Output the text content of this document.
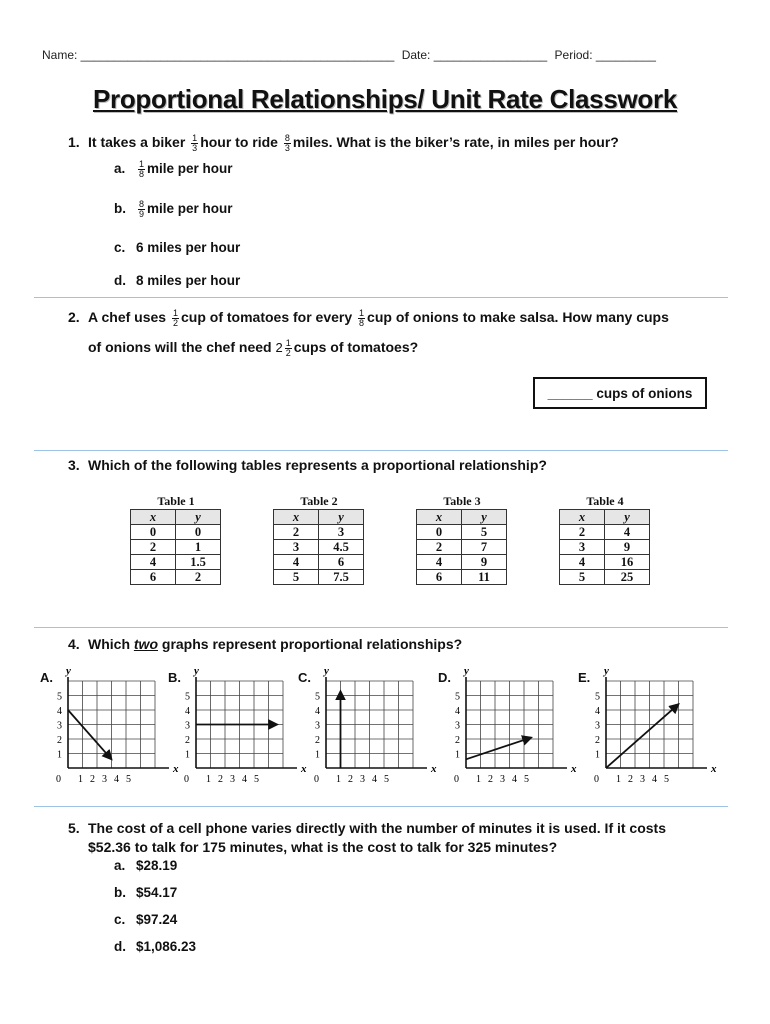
Name: _______________________________________________ Date: _________________ Period: _________
Proportional Relationships/ Unit Rate Classwork
1. It takes a biker $\frac{1}{3}$ hour to ride $\frac{8}{3}$ miles. What is the biker’s rate, in miles per hour?
a. $\frac{1}{8}$ mile per hour
b. $\frac{8}{9}$ mile per hour
c. 6 miles per hour
d. 8 miles per hour
2. A chef uses $\frac{1}{2}$ cup of tomatoes for every $\frac{1}{8}$ cup of onions to make salsa. How many cups
of onions will the chef need $2 \frac{1}{2}$ cups of tomatoes?
______ cups of onions
3. Which of the following tables represents a proportional relationship?
Table 1
x	y
0	0
2	1
4	1.5
6	2
Table 2
x	y
2	3
3	4.5
4	6
5	7.5
Table 3
x	y
0	5
2	7
4	9
6	11
Table 4
x	y
2	4
3	9
4	16
5	25
4. Which two graphs represent proportional relationships?
A.
x
y
0 1 2 3 4 5
5
4
3
2
1
B.
x
y
0 1 2 3 4 5
5
4
3
2
1
C.
x
y
0 1 2 3 4 5
5
4
3
2
1
D.
x
y
0 1 2 3 4 5
5
4
3
2
1
E.
x
y
0 1 2 3 4 5
5
4
3
2
1
5. The cost of a cell phone varies directly with the number of minutes it is used. If it costs
$52.36 to talk for 175 minutes, what is the cost to talk for 325 minutes?
a. $28.19
b. $54.17
c. $97.24
d. $1,086.23
